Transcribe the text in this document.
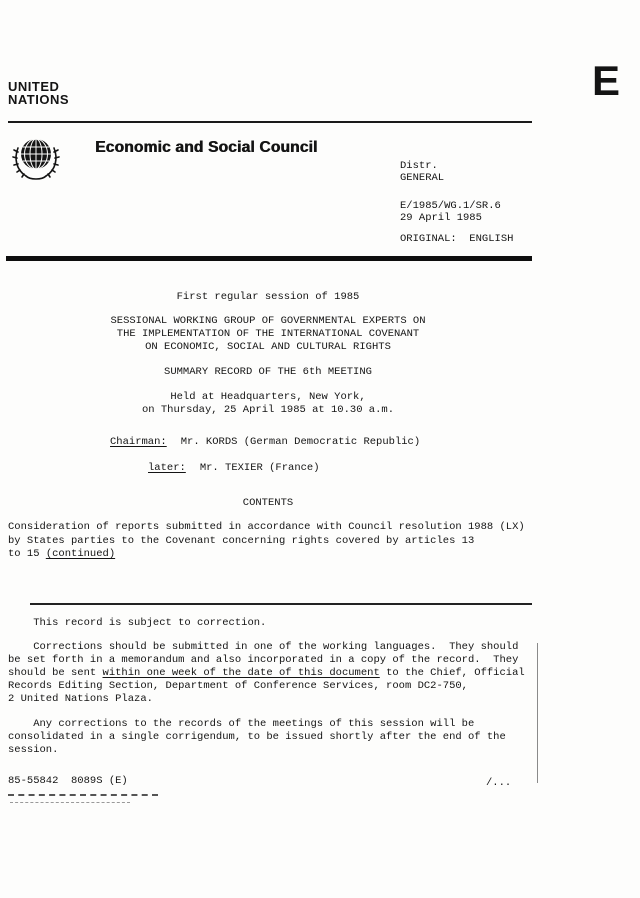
UNITED
NATIONS	E
Economic and Social Council
Distr.
GENERAL
E/1985/WG.1/SR.6
29 April 1985
ORIGINAL:  ENGLISH
First regular session of 1985
SESSIONAL WORKING GROUP OF GOVERNMENTAL EXPERTS ON
THE IMPLEMENTATION OF THE INTERNATIONAL COVENANT
ON ECONOMIC, SOCIAL AND CULTURAL RIGHTS
SUMMARY RECORD OF THE 6th MEETING
Held at Headquarters, New York,
on Thursday, 25 April 1985 at 10.30 a.m.
Chairman: Mr. KORDS (German Democratic Republic)
later: Mr. TEXIER (France)
CONTENTS
Consideration of reports submitted in accordance with Council resolution 1988 (LX)
by States parties to the Covenant concerning rights covered by articles 13
to 15 (continued)
This record is subject to correction.
Corrections should be submitted in one of the working languages.  They should
be set forth in a memorandum and also incorporated in a copy of the record.  They
should be sent within one week of the date of this document to the Chief, Official
Records Editing Section, Department of Conference Services, room DC2-750,
2 United Nations Plaza.
Any corrections to the records of the meetings of this session will be
consolidated in a single corrigendum, to be issued shortly after the end of the
session.
85-55842  8089S (E)	/...
